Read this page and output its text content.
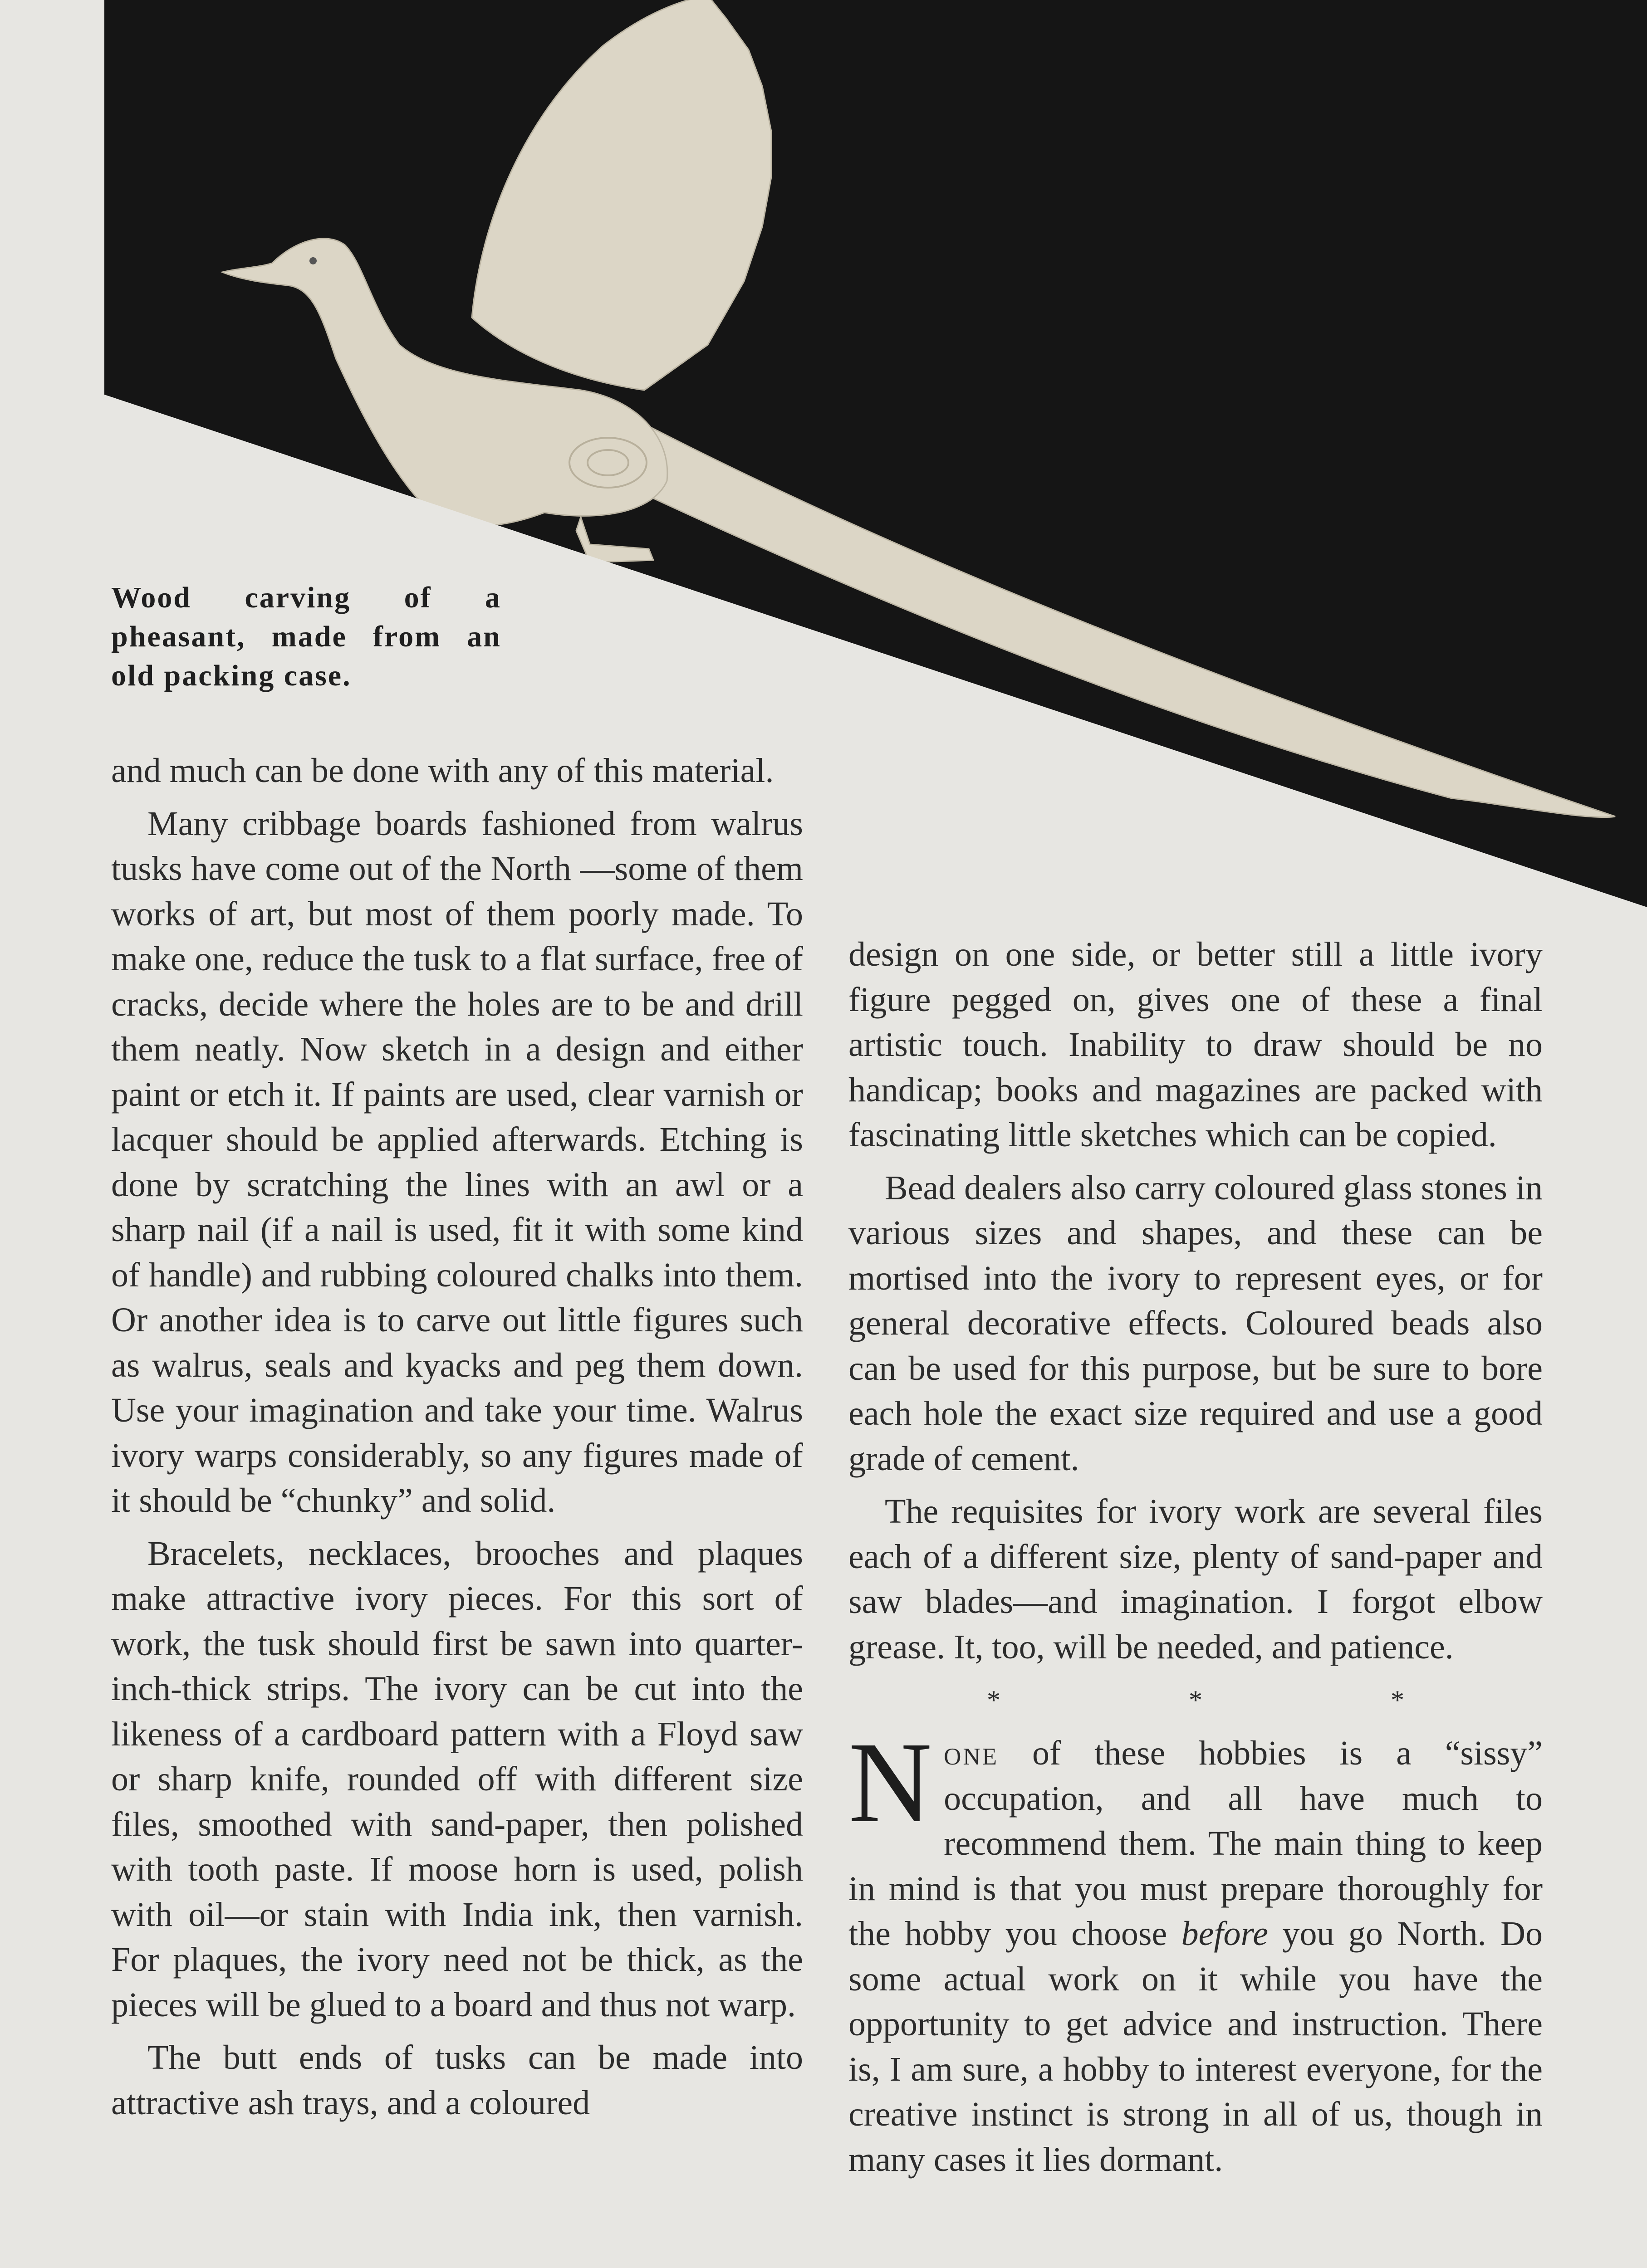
Wood carving of a pheasant, made from an old packing case.

and much can be done with any of this material.

Many cribbage boards fashioned from walrus tusks have come out of the North —some of them works of art, but most of them poorly made. To make one, reduce the tusk to a flat surface, free of cracks, decide where the holes are to be and drill them neatly. Now sketch in a design and either paint or etch it. If paints are used, clear varnish or lacquer should be applied afterwards. Etching is done by scratching the lines with an awl or a sharp nail (if a nail is used, fit it with some kind of handle) and rubbing coloured chalks into them. Or another idea is to carve out little figures such as walrus, seals and kyacks and peg them down. Use your imagination and take your time. Walrus ivory warps considerably, so any figures made of it should be “chunky” and solid.

Bracelets, necklaces, brooches and plaques make attractive ivory pieces. For this sort of work, the tusk should first be sawn into quarter-inch-thick strips. The ivory can be cut into the likeness of a cardboard pattern with a Floyd saw or sharp knife, rounded off with different size files, smoothed with sand-paper, then polished with tooth paste. If moose horn is used, polish with oil—or stain with India ink, then varnish. For plaques, the ivory need not be thick, as the pieces will be glued to a board and thus not warp.

The butt ends of tusks can be made into attractive ash trays, and a coloured

design on one side, or better still a little ivory figure pegged on, gives one of these a final artistic touch. Inability to draw should be no handicap; books and magazines are packed with fascinating little sketches which can be copied.

Bead dealers also carry coloured glass stones in various sizes and shapes, and these can be mortised into the ivory to represent eyes, or for general decorative effects. Coloured beads also can be used for this purpose, but be sure to bore each hole the exact size required and use a good grade of cement.

The requisites for ivory work are several files each of a different size, plenty of sand-paper and saw blades—and imagination. I forgot elbow grease. It, too, will be needed, and patience.

* * *

None of these hobbies is a “sissy” occupation, and all have much to recommend them. The main thing to keep in mind is that you must prepare thoroughly for the hobby you choose before you go North. Do some actual work on it while you have the opportunity to get advice and instruction. There is, I am sure, a hobby to interest everyone, for the creative instinct is strong in all of us, though in many cases it lies dormant.
